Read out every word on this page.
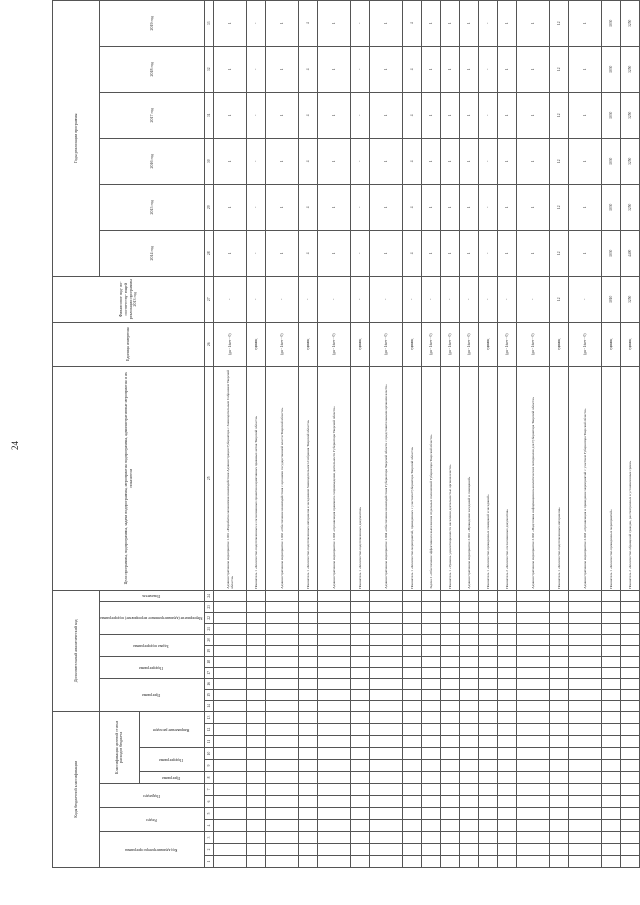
24
Коды бюджетной классификации													Дополнительный аналитический код											Цели программы, подпрограммы, задачи подпрограммы, мероприятия подпрограммы, административные мероприятия и их показатели	Единица измерения	Финансовое под- по-соответству- ющей реализации программы 2013 год	Годы реализации программы	
Код администратора программы			Раздел		Подраздел		Классификация целевой статьи расходов бюджета						Программа			Подпрограмма		Задача подпрограммы		Мероприятие (административное мероприятие) подпрограммы			Показатель				2014 год	2015 год	2016 год	2017 год	2018 год	2019 год		
							Программа	Подпрограмма		Направление расходов																								
1	2	3	4	5	6	7	8	9	10	11	12	13	14	15	16	17	18	19	20	21	22	23	24	25	26	27	28	29	30	31	32	33		
																								Административное мероприятие 1.001 «Разработка механизмов взаимодействия Администрации Губернатора с Законодательным Собранием Тверской области»	(да - 1/нет - 0)	-	1	1	1	1	1	1		
																								Показатель 1 «Количество подготовленных и согласованных проектов нормативных правовых актов Тверской области»	единиц	-	-	-	-	-	-	-		
																								Административное мероприятие 1.002 «Обеспечение взаимодействия с органами государственной власти Тверской области»	(да - 1/нет - 0)	-	1	1	1	1	1	1		
																								Показатель 1 «Количество подготовленных материалов к заседаниям Законодательного Собрания Тверской области»	единиц	-	4	4	4	4	4	4		
																								Административное мероприятие 1.003 «Организация правового сопровождения деятельности Губернатора Тверской области»	(да - 1/нет - 0)	-	1	1	1	1	1	1		
																								Показатель 1 «Количество подготовленных документов»	единиц	-	-	-	-	-	-	-		
																								Административное мероприятие 1.004 «Обеспечение взаимодействия Губернатора Тверской области с представительными органами власти»	(да - 1/нет - 0)	-	1	1	1	1	1	1		
																								Показатель 1 «Количество мероприятий, проведенных с участием Губернатора Тверской области»	единиц	-	4	4	4	4	4	4		
																								Задача 2 «Обеспечение эффективного выполнения отдельных полномочий Губернатора Тверской области»	(да - 1/нет - 0)	-	1	1	1	1	1	1		
																								Показатель 1 «Уровень удовлетворенности населения деятельностью органов власти»	(да - 1/нет - 0)	-	1	1	1	1	1	1		
																								Административное мероприятие 2.001 «Проведение заседаний и совещаний»	(да - 1/нет - 0)	-	1	1	1	1	1	1		
																								Показатель 1 «Количество проведенных совещаний и заседаний»	единиц	-	-	-	-	-	-	-		
																								Показатель 2 «Количество согласованных документов»	(да - 1/нет - 0)	-	1	1	1	1	1	1		
																								Административное мероприятие 2.002 «Подготовка информационно-аналитических материалов для Губернатора Тверской области»	(да - 1/нет - 0)	-	1	1	1	1	1	1		
																								Показатель 1 «Количество подготовленных материалов»	единиц	12	12	12	12	12	12	12		
																								Административное мероприятие 2.003 «Организация и проведение мероприятий с участием Губернатора Тверской области»	(да - 1/нет - 0)	-	1	1	1	1	1	1		
																								Показатель 1 «Количество проведенных мероприятий»	единиц	1010	1030	1030	1030	1030	1030	1030		
																								Показатель 2 «Количество обращений граждан, рассмотренных в установленные сроки»	единиц	3250	4400	3250	3250	3250	3250	3250		
